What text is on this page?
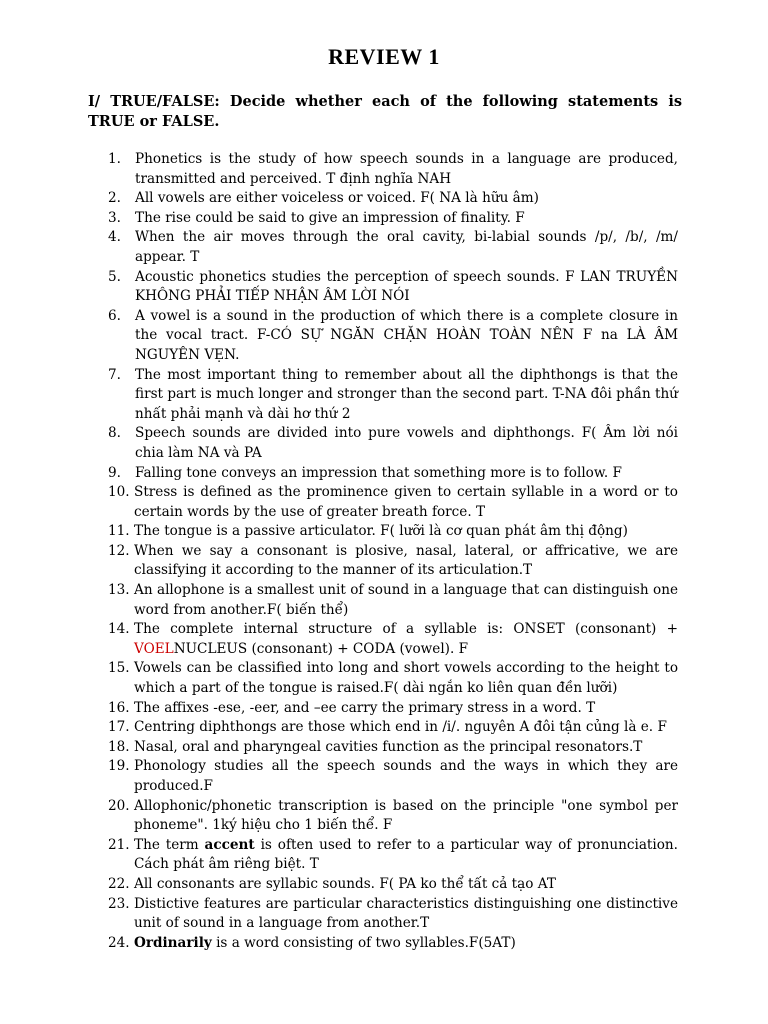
REVIEW 1
I/ TRUE/FALSE: Decide whether each of the following statements is TRUE or FALSE.
1. Phonetics is the study of how speech sounds in a language are produced, transmitted and perceived. T định nghĩa NAH
2. All vowels are either voiceless or voiced. F( NA là hữu âm)
3. The rise could be said to give an impression of finality. F
4. When the air moves through the oral cavity, bi-labial sounds /p/, /b/, /m/ appear. T
5. Acoustic phonetics studies the perception of speech sounds. F LAN TRUYỀN KHÔNG PHẢI TIẾP NHẬN ÂM LỜI NÓI
6. A vowel is a sound in the production of which there is a complete closure in the vocal tract. F-CÓ SỰ NGĂN CHẶN HOÀN TOÀN NÊN F na LÀ ÂM NGUYÊN VẸN.
7. The most important thing to remember about all the diphthongs is that the first part is much longer and stronger than the second part. T-NA đôi phần thứ nhất phải mạnh và dài hơ thứ 2
8. Speech sounds are divided into pure vowels and diphthongs. F( Âm lời nói chia làm NA và PA
9. Falling tone conveys an impression that something more is to follow. F
10. Stress is defined as the prominence given to certain syllable in a word or to certain words by the use of greater breath force. T
11. The tongue is a passive articulator. F( lưỡi là cơ quan phát âm thị động)
12. When we say a consonant is plosive, nasal, lateral, or affricative, we are classifying it according to the manner of its articulation.T
13. An allophone is a smallest unit of sound in a language that can distinguish one word from another.F( biến thể)
14. The complete internal structure of a syllable is: ONSET (consonant) + VOELNUCLEUS (consonant) + CODA (vowel). F
15. Vowels can be classified into long and short vowels according to the height to which a part of the tongue is raised.F( dài ngắn ko liên quan đền lưỡi)
16. The affixes -ese, -eer, and –ee carry the primary stress in a word. T
17. Centring diphthongs are those which end in /i/. nguyên A đôi tận củng là e. F
18. Nasal, oral and pharyngeal cavities function as the principal resonators.T
19. Phonology studies all the speech sounds and the ways in which they are produced.F
20. Allophonic/phonetic transcription is based on the principle "one symbol per phoneme". 1ký hiệu cho 1 biến thể. F
21. The term accent is often used to refer to a particular way of pronunciation. Cách phát âm riêng biệt. T
22. All consonants are syllabic sounds. F( PA ko thể tất cả tạo AT
23. Distictive features are particular characteristics distinguishing one distinctive unit of sound in a language from another.T
24. Ordinarily is a word consisting of two syllables.F(5AT)
